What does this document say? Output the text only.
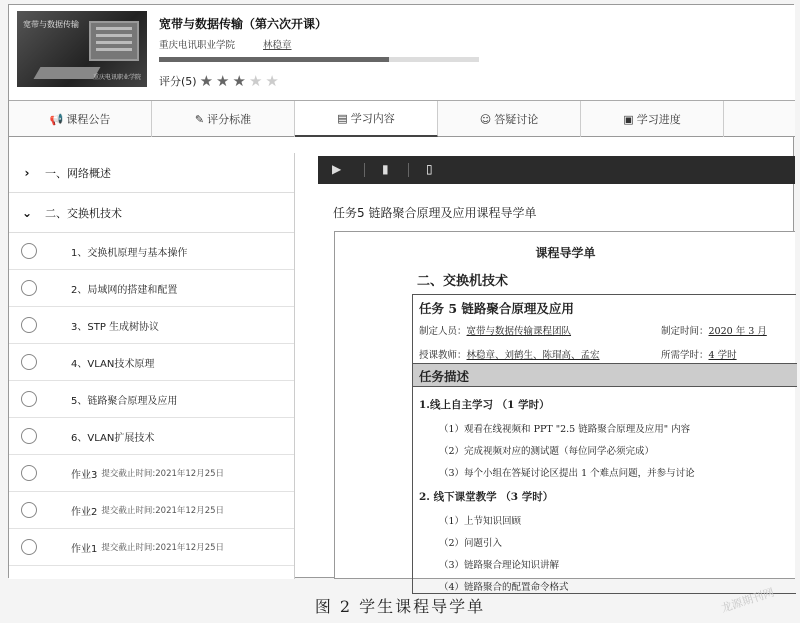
宽带与数据传输
重庆电讯职业学院
宽带与数据传输（第六次开课）
重庆电讯职业学院	林稳章
评分(5) ★ ★ ★ ★ ★
📢 课程公告	✎ 评分标准	▤ 学习内容	☺ 答疑讨论	▣ 学习进度
›	一、网络概述
⌄	二、交换机技术
1、交换机原理与基本操作
2、局域网的搭建和配置
3、STP 生成树协议
4、VLAN技术原理
5、链路聚合原理及应用
6、VLAN扩展技术
作业3 提交截止时间: 2021年12月25日
作业2 提交截止时间: 2021年12月25日
作业1 提交截止时间: 2021年12月25日
▶	▮	▯
任务5 链路聚合原理及应用课程导学单
课程导学单
二、交换机技术
任务 5 链路聚合原理及应用
制定人员：宽带与数据传输课程团队	制定时间：2020 年 3 月
授课教师：林稳章、刘鹤生、陈瑁高、孟宏	所需学时：4 学时
任务描述
1.线上自主学习 （1 学时）
（1）观看在线视频和 PPT "2.5 链路聚合原理及应用" 内容
（2）完成视频对应的测试题（每位同学必须完成）
（3）每个小组在答疑讨论区提出 1 个难点问题，并参与讨论
2. 线下课堂教学 （3 学时）
（1）上节知识回顾
（2）问题引入
（3）链路聚合理论知识讲解
（4）链路聚合的配置命令格式
图 2 学生课程导学单	龙源期刊网
